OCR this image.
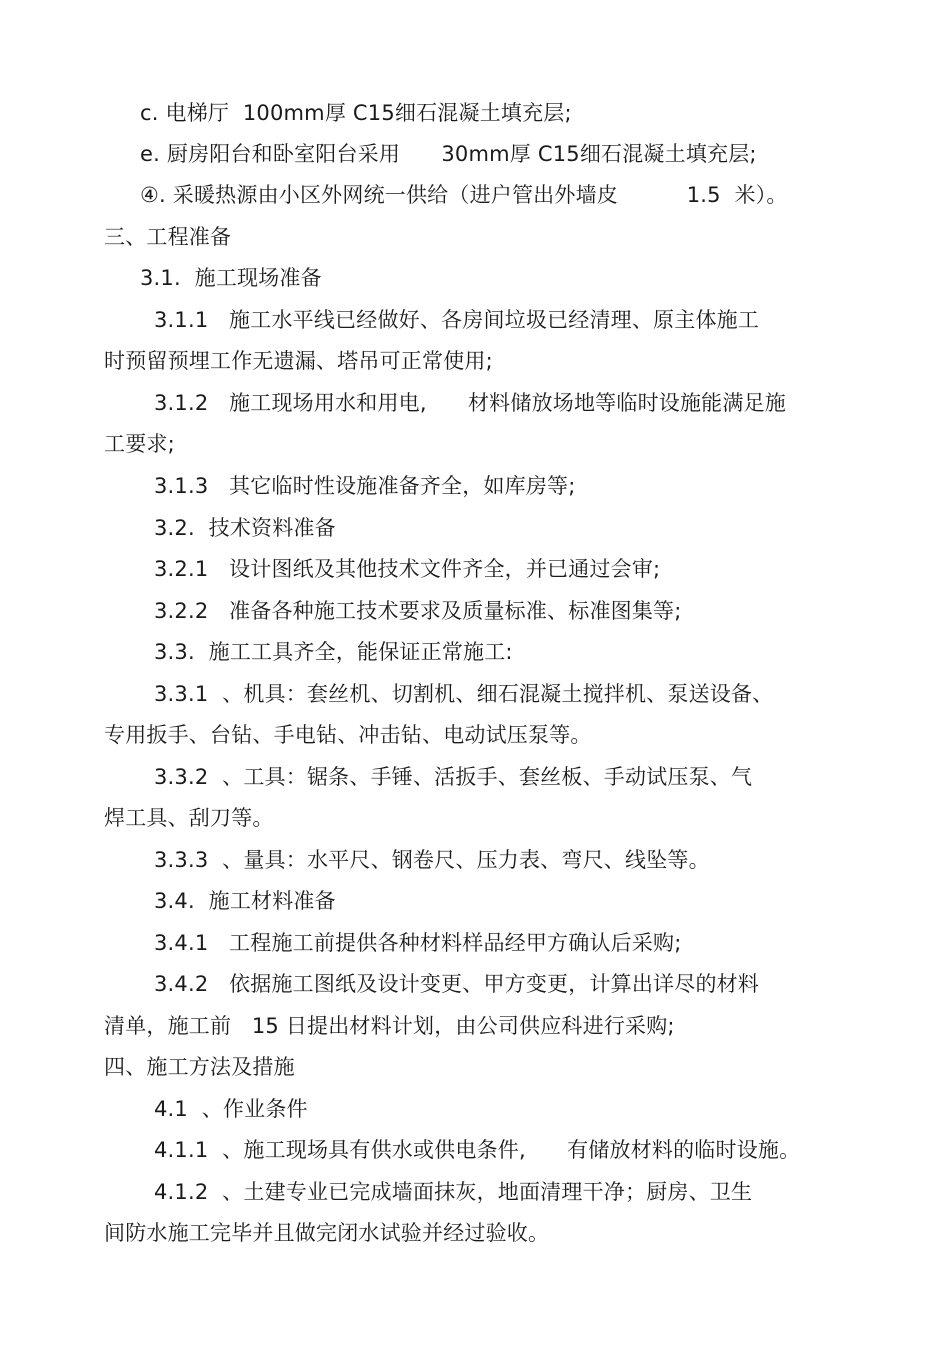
c. 电梯厅  100mm厚 C15细石混凝土填充层;
e. 厨房阳台和卧室阳台采用      30mm厚 C15细石混凝土填充层;
④. 采暖热源由小区外网统一供给（进户管出外墙皮          1.5  米）。
三、工程准备
3.1.  施工现场准备
3.1.1   施工水平线已经做好、各房间垃圾已经清理、原主体施工
时预留预埋工作无遗漏、塔吊可正常使用;
3.1.2   施工现场用水和用电,      材料储放场地等临时设施能满足施
工要求;
3.1.3   其它临时性设施准备齐全，如库房等;
3.2.  技术资料准备
3.2.1   设计图纸及其他技术文件齐全，并已通过会审;
3.2.2   准备各种施工技术要求及质量标准、标准图集等;
3.3.  施工工具齐全，能保证正常施工:
3.3.1  、机具：套丝机、切割机、细石混凝土搅拌机、泵送设备、
专用扳手、台钻、手电钻、冲击钻、电动试压泵等。
3.3.2  、工具：锯条、手锤、活扳手、套丝板、手动试压泵、气
焊工具、刮刀等。
3.3.3  、量具：水平尺、钢卷尺、压力表、弯尺、线坠等。
3.4.  施工材料准备
3.4.1   工程施工前提供各种材料样品经甲方确认后采购;
3.4.2   依据施工图纸及设计变更、甲方变更，计算出详尽的材料
清单，施工前   15 日提出材料计划，由公司供应科进行采购;
四、施工方法及措施
4.1  、作业条件
4.1.1  、施工现场具有供水或供电条件,      有储放材料的临时设施。
4.1.2  、土建专业已完成墙面抹灰，地面清理干净；厨房、卫生
间防水施工完毕并且做完闭水试验并经过验收。
